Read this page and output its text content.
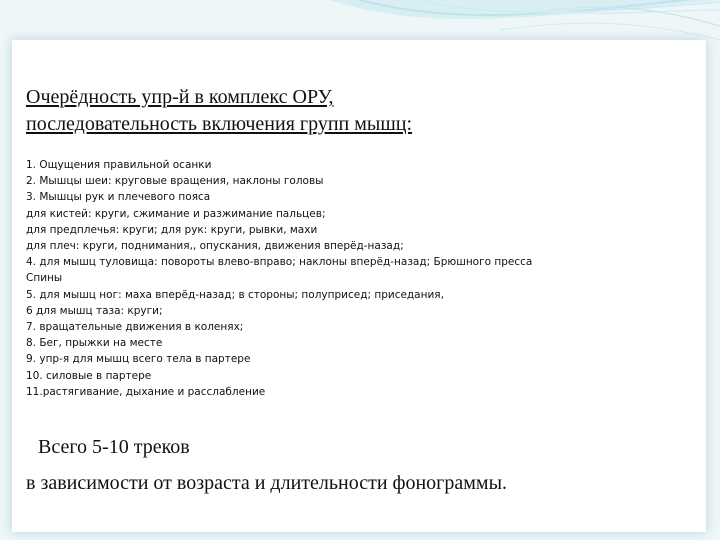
Очерёдность упр-й в комплекс ОРУ,
последовательность включения групп мышц:
1. Ощущения правильной осанки
2. Мышцы шеи: круговые вращения, наклоны головы
3. Мышцы рук и плечевого пояса
для кистей: круги, сжимание и разжимание пальцев;
для предплечья: круги; для рук: круги, рывки, махи
для плеч: круги, поднимания,, опускания, движения вперёд-назад;
4. для мышц туловища: повороты влево-вправо; наклоны вперёд-назад; Брюшного пресса
Спины
5. для мышц ног: маха вперёд-назад; в стороны; полуприсед; приседания,
6 для мышц таза: круги;
7. вращательные движения в коленях;
8. Бег, прыжки на месте
9. упр-я для мышц всего тела в партере
10. силовые в партере
11.растягивание, дыхание и расслабление

Всего 5-10 треков

в зависимости от возраста и длительности фонограммы.
